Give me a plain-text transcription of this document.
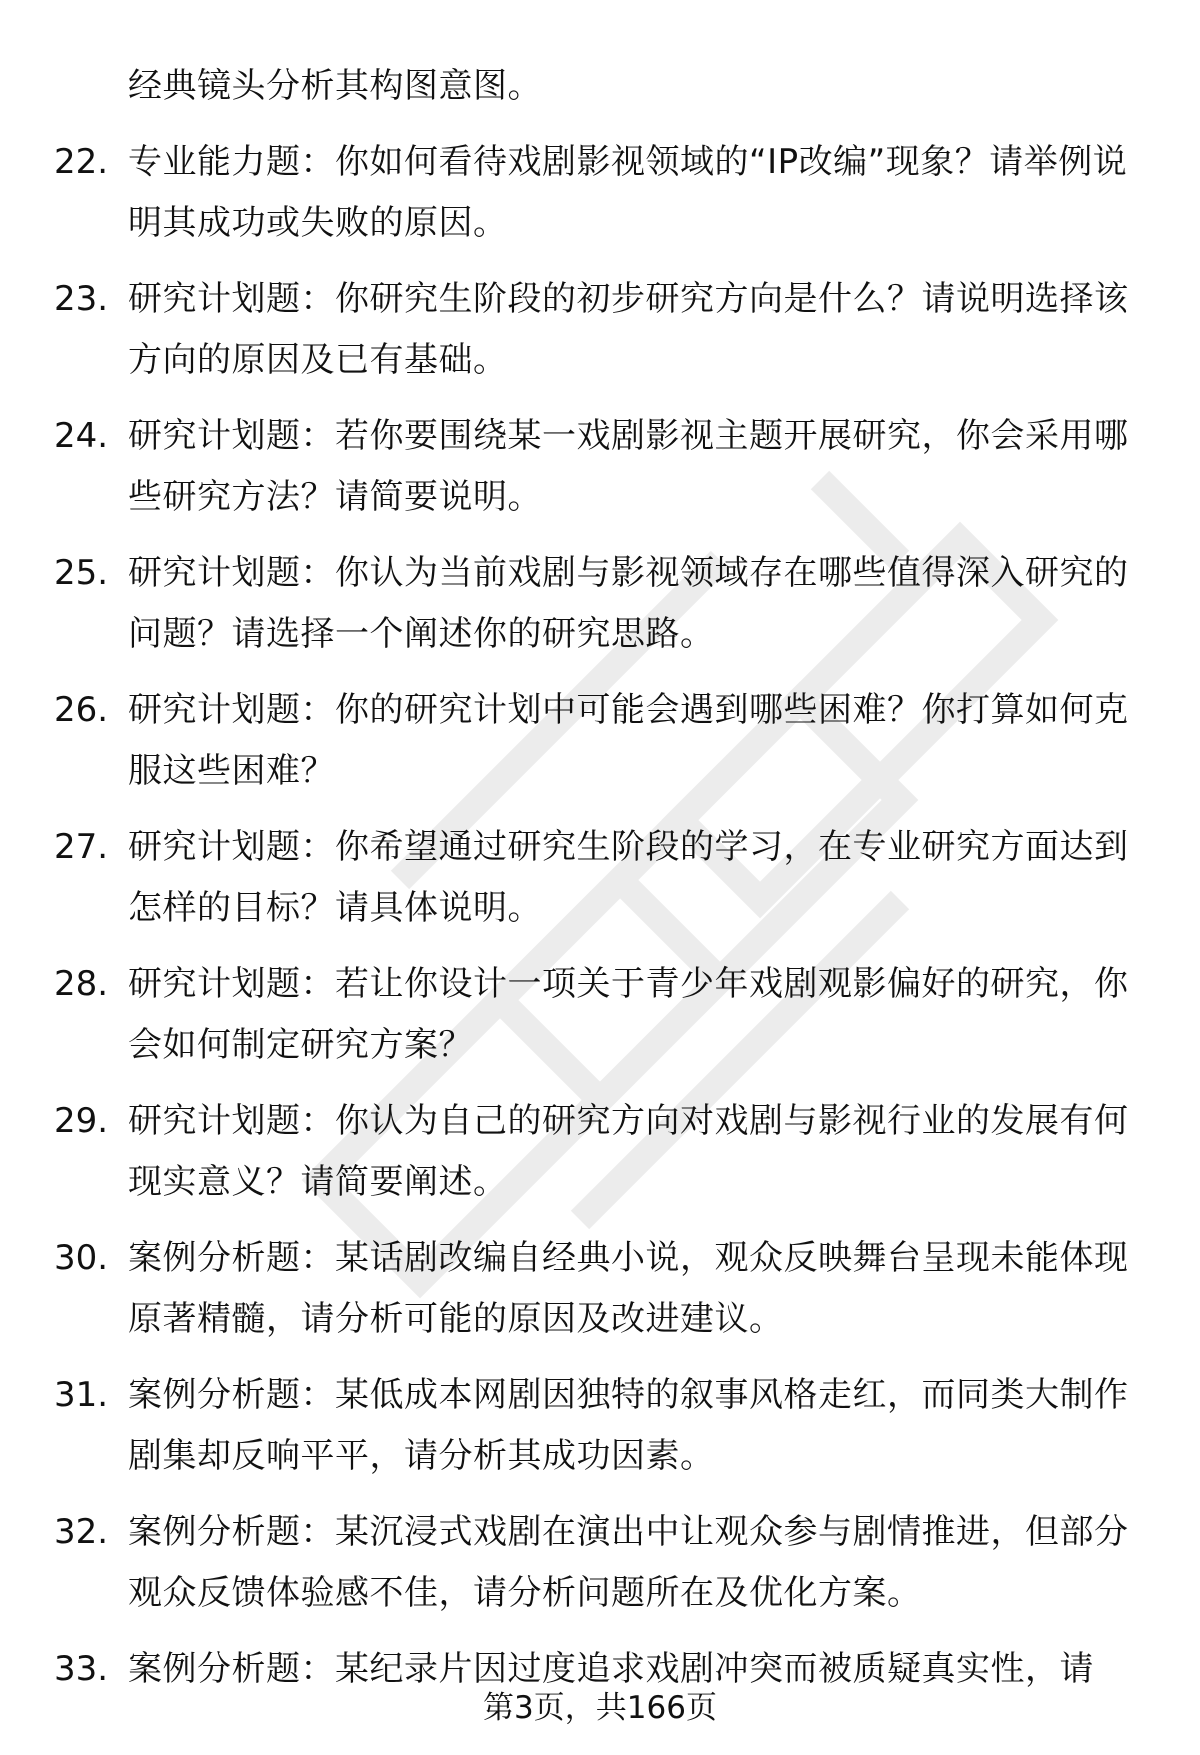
经典镜头分析其构图意图。
22. 专业能力题：你如何看待戏剧影视领域的“IP改编”现象？请举例说明其成功或失败的原因。
23. 研究计划题：你研究生阶段的初步研究方向是什么？请说明选择该方向的原因及已有基础。
24. 研究计划题：若你要围绕某一戏剧影视主题开展研究，你会采用哪些研究方法？请简要说明。
25. 研究计划题：你认为当前戏剧与影视领域存在哪些值得深入研究的问题？请选择一个阐述你的研究思路。
26. 研究计划题：你的研究计划中可能会遇到哪些困难？你打算如何克服这些困难？
27. 研究计划题：你希望通过研究生阶段的学习，在专业研究方面达到怎样的目标？请具体说明。
28. 研究计划题：若让你设计一项关于青少年戏剧观影偏好的研究，你会如何制定研究方案？
29. 研究计划题：你认为自己的研究方向对戏剧与影视行业的发展有何现实意义？请简要阐述。
30. 案例分析题：某话剧改编自经典小说，观众反映舞台呈现未能体现原著精髓，请分析可能的原因及改进建议。
31. 案例分析题：某低成本网剧因独特的叙事风格走红，而同类大制作剧集却反响平平，请分析其成功因素。
32. 案例分析题：某沉浸式戏剧在演出中让观众参与剧情推进，但部分观众反馈体验感不佳，请分析问题所在及优化方案。
33. 案例分析题：某纪录片因过度追求戏剧冲突而被质疑真实性，请
第3页，共166页
